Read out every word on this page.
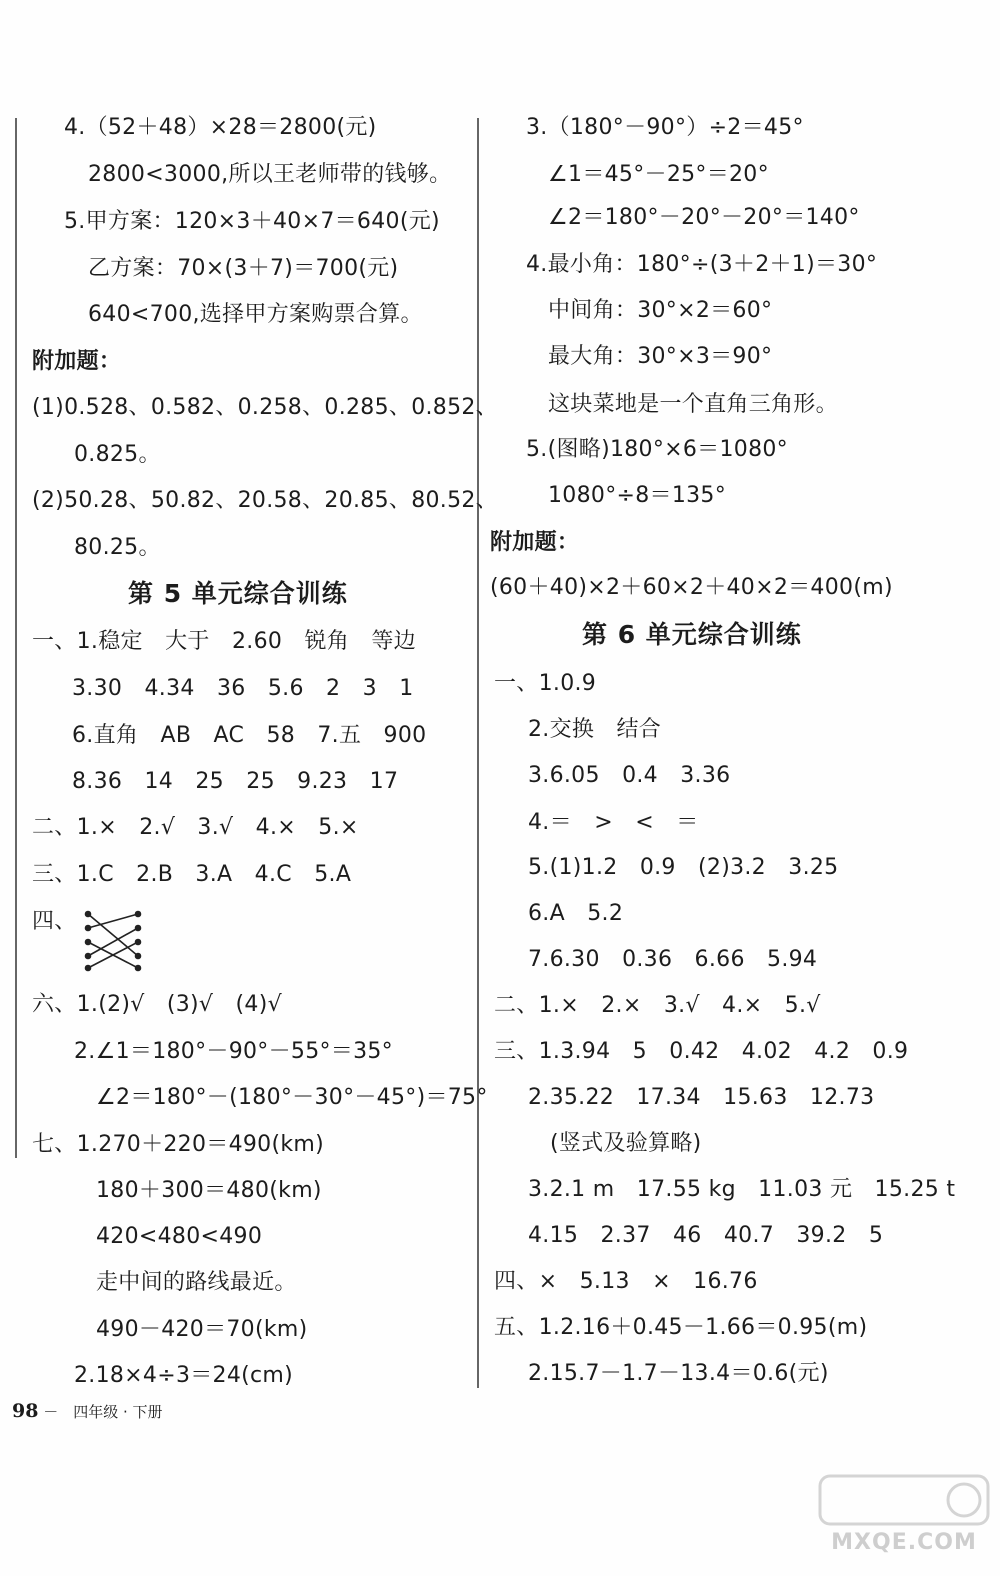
4.（52＋48）×28＝2800(元)
2800<3000,所以王老师带的钱够。
5.甲方案：120×3＋40×7＝640(元)
乙方案：70×(3＋7)＝700(元)
640<700,选择甲方案购票合算。
附加题：
(1)0.528、0.582、0.258、0.285、0.852、
0.825。
(2)50.28、50.82、20.58、20.85、80.52、
80.25。
第 5 单元综合训练
一、1.稳定　大于　2.60　锐角　等边
3.30　4.34　36　5.6　2　3　1
6.直角　AB　AC　58　7.五　900
8.36　14　25　25　9.23　17
二、1.×　2.√　3.√　4.×　5.×
三、1.C　2.B　3.A　4.C　5.A
四、
六、1.(2)√　(3)√　(4)√
2.∠1＝180°－90°－55°＝35°
∠2＝180°－(180°－30°－45°)＝75°
七、1.270＋220＝490(km)
180＋300＝480(km)
420<480<490
走中间的路线最近。
490－420＝70(km)
2.18×4÷3＝24(cm)
3.（180°－90°）÷2＝45°
∠1＝45°－25°＝20°
∠2＝180°－20°－20°＝140°
4.最小角：180°÷(3＋2＋1)＝30°
中间角：30°×2＝60°
最大角：30°×3＝90°
这块菜地是一个直角三角形。
5.(图略)180°×6＝1080°
1080°÷8＝135°
附加题：
(60＋40)×2＋60×2＋40×2＝400(m)
第 6 单元综合训练
一、1.0.9
2.交换　结合
3.6.05　0.4　3.36
4.＝　>　<　＝
5.(1)1.2　0.9　(2)3.2　3.25
6.A　5.2
7.6.30　0.36　6.66　5.94
二、1.×　2.×　3.√　4.×　5.√
三、1.3.94　5　0.42　4.02　4.2　0.9
2.35.22　17.34　15.63　12.73
(竖式及验算略)
3.2.1 m　17.55 kg　11.03 元　15.25 t
4.15　2.37　46　40.7　39.2　5
四、×　5.13　×　16.76
五、1.2.16＋0.45－1.66＝0.95(m)
2.15.7－1.7－13.4＝0.6(元)
98 －　四年级 · 下册
MXQE.COM
